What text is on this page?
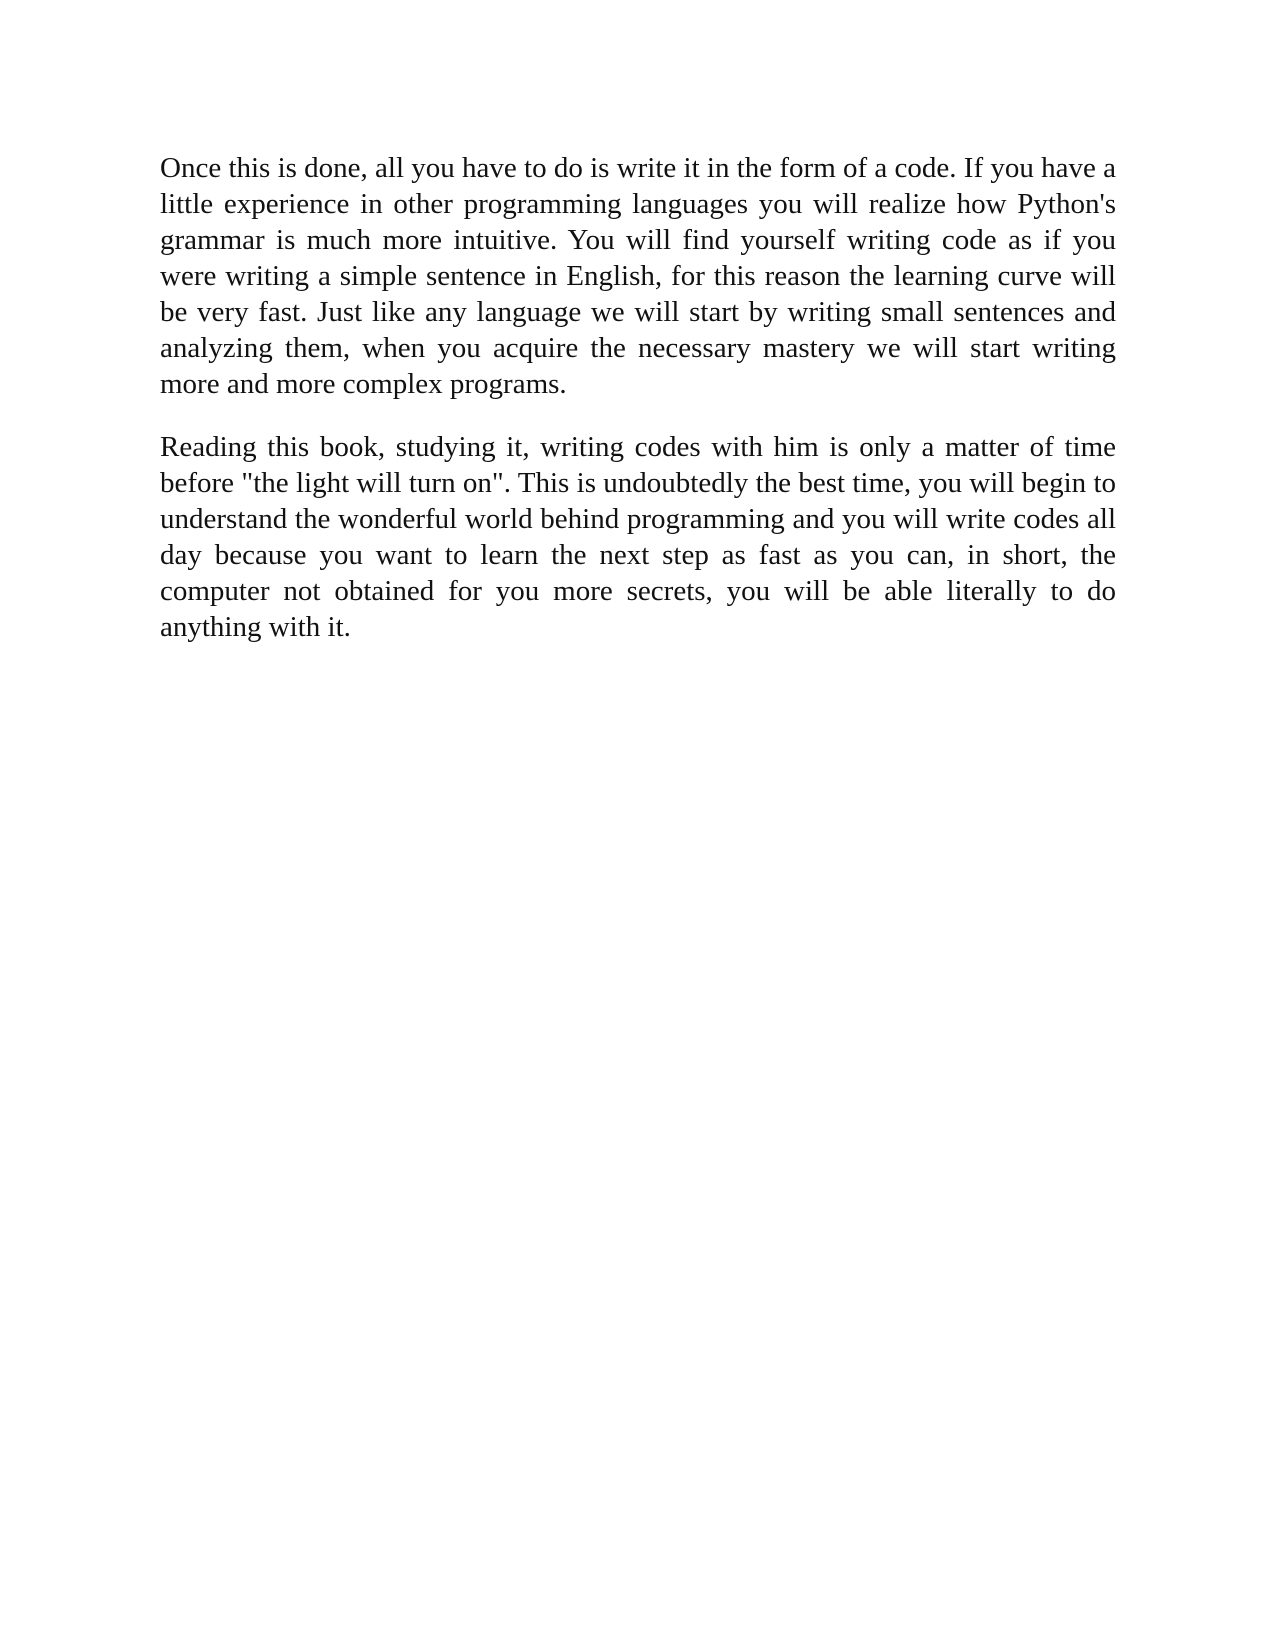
Once this is done, all you have to do is write it in the form of a code. If you have a little experience in other programming languages you will realize how Python's grammar is much more intuitive. You will find yourself writing code as if you were writing a simple sentence in English, for this reason the learning curve will be very fast. Just like any language we will start by writing small sentences and analyzing them, when you acquire the necessary mastery we will start writing more and more complex programs.

Reading this book, studying it, writing codes with him is only a matter of time before "the light will turn on". This is undoubtedly the best time, you will begin to understand the wonderful world behind programming and you will write codes all day because you want to learn the next step as fast as you can, in short, the computer not obtained for you more secrets, you will be able literally to do anything with it.
